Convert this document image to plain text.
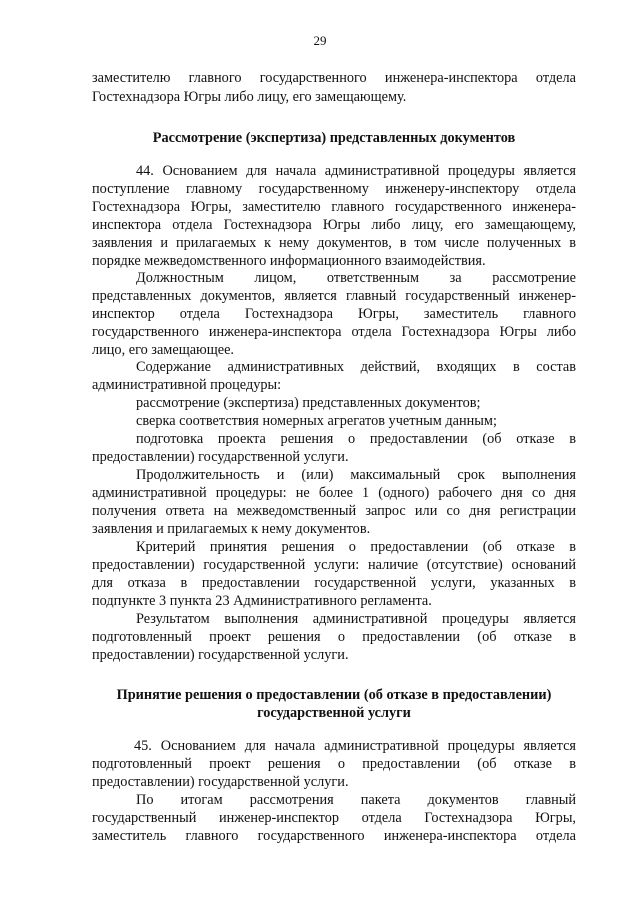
29
заместителю главного государственного инженера-инспектора отдела
Гостехнадзора Югры либо лицу, его замещающему.
Рассмотрение (экспертиза) представленных документов
44. Основанием для начала административной процедуры является
поступление главному государственному инженеру-инспектору отдела
Гостехнадзора Югры, заместителю главного государственного инженера-
инспектора отдела Гостехнадзора Югры либо лицу, его замещающему,
заявления и прилагаемых к нему документов, в том числе полученных в
порядке межведомственного информационного взаимодействия.
Должностным лицом, ответственным за рассмотрение
представленных документов, является главный государственный инженер-
инспектор отдела Гостехнадзора Югры, заместитель главного
государственного инженера-инспектора отдела Гостехнадзора Югры либо
лицо, его замещающее.
Содержание административных действий, входящих в состав
административной процедуры:
рассмотрение (экспертиза) представленных документов;
сверка соответствия номерных агрегатов учетным данным;
подготовка проекта решения о предоставлении (об отказе в
предоставлении) государственной услуги.
Продолжительность и (или) максимальный срок выполнения
административной процедуры: не более 1 (одного) рабочего дня со дня
получения ответа на межведомственный запрос или со дня регистрации
заявления и прилагаемых к нему документов.
Критерий принятия решения о предоставлении (об отказе в
предоставлении) государственной услуги: наличие (отсутствие) оснований
для отказа в предоставлении государственной услуги, указанных в
подпункте 3 пункта 23 Административного регламента.
Результатом выполнения административной процедуры является
подготовленный проект решения о предоставлении (об отказе в
предоставлении) государственной услуги.
Принятие решения о предоставлении (об отказе в предоставлении)
государственной услуги
45. Основанием для начала административной процедуры является
подготовленный проект решения о предоставлении (об отказе в
предоставлении) государственной услуги.
По итогам рассмотрения пакета документов главный
государственный инженер-инспектор отдела Гостехнадзора Югры,
заместитель главного государственного инженера-инспектора отдела
